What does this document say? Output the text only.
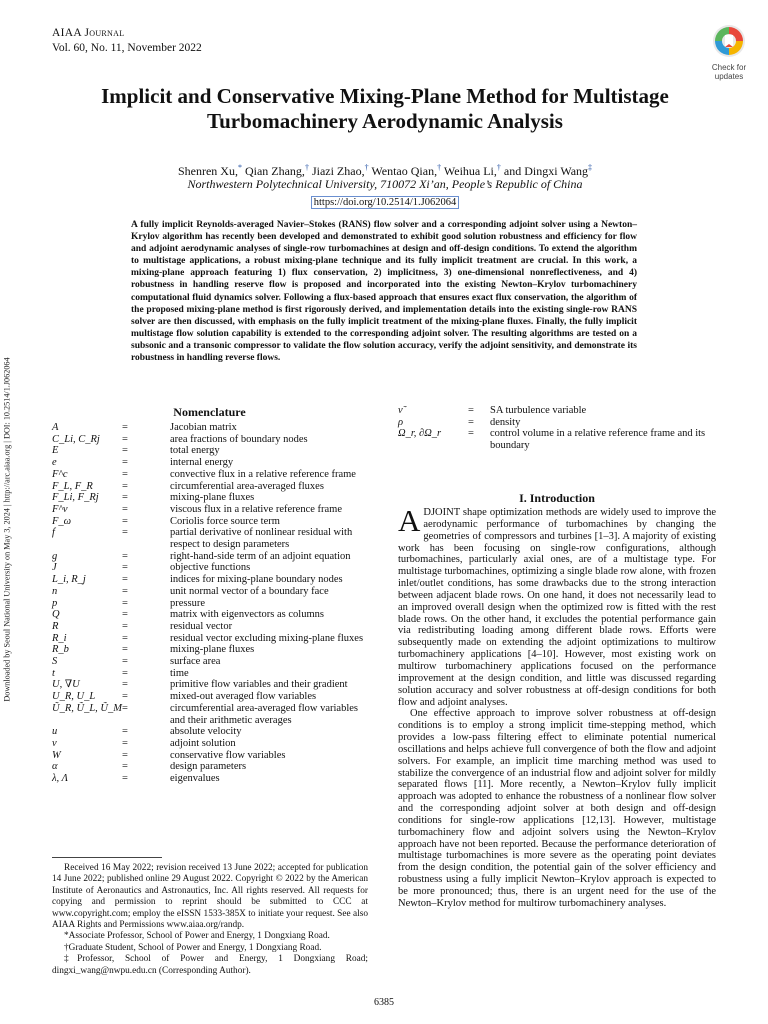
AIAA Journal
Vol. 60, No. 11, November 2022
Check for
updates
Downloaded by Seoul National University on May 3, 2024 | http://arc.aiaa.org | DOI: 10.2514/1.J062064
Implicit and Conservative Mixing-Plane Method for Multistage
Turbomachinery Aerodynamic Analysis
Shenren Xu,* Qian Zhang,† Jiazi Zhao,† Wentao Qian,† Weihua Li,† and Dingxi Wang‡
Northwestern Polytechnical University, 710072 Xi’an, People’s Republic of China
https://doi.org/10.2514/1.J062064
A fully implicit Reynolds-averaged Navier–Stokes (RANS) flow solver and a corresponding adjoint solver using a Newton–Krylov algorithm has recently been developed and demonstrated to exhibit good solution robustness and efficiency for flow and adjoint aerodynamic analyses of single-row turbomachines at design and off-design conditions. To extend the algorithm to multistage applications, a robust mixing-plane technique and its fully implicit treatment are crucial. In this work, a mixing-plane approach featuring 1) flux conservation, 2) implicitness, 3) one-dimensional nonreflectiveness, and 4) robustness in handling reserve flow is proposed and incorporated into the existing Newton–Krylov turbomachinery computational fluid dynamics solver. Following a flux-based approach that ensures exact flux conservation, the algorithm of the proposed mixing-plane method is first rigorously derived, and implementation details into the existing single-row RANS solver are then discussed, with emphasis on the fully implicit treatment of the mixing-plane fluxes. Finally, the fully implicit multistage flow solution capability is extended to the corresponding adjoint solver. The resulting algorithms are tested on a subsonic and a transonic compressor to validate the flow solution accuracy, verify the adjoint sensitivity, and demonstrate its robustness in handling reverse flows.
Nomenclature
A	=	Jacobian matrix
C_Li, C_Rj	=	area fractions of boundary nodes
E	=	total energy
e	=	internal energy
F^c	=	convective flux in a relative reference frame
F_L, F_R	=	circumferential area-averaged fluxes
F_Li, F_Rj	=	mixing-plane fluxes
F^v	=	viscous flux in a relative reference frame
F_ω	=	Coriolis force source term
f	=	partial derivative of nonlinear residual with respect to design parameters
g	=	right-hand-side term of an adjoint equation
J	=	objective functions
L_i, R_j	=	indices for mixing-plane boundary nodes
n	=	unit normal vector of a boundary face
p	=	pressure
Q	=	matrix with eigenvectors as columns
R	=	residual vector
R_i	=	residual vector excluding mixing-plane fluxes
R_b	=	mixing-plane fluxes
S	=	surface area
t	=	time
U, ∇U	=	primitive flow variables and their gradient
U_R, U_L	=	mixed-out averaged flow variables
Ũ_R, Ũ_L, Ũ_M =	circumferential area-averaged flow variables and their arithmetic averages
u	=	absolute velocity
v	=	adjoint solution
W	=	conservative flow variables
α	=	design parameters
λ, Λ	=	eigenvalues
ν̃	=	SA turbulence variable
ρ	=	density
Ω_r, ∂Ω_r	=	control volume in a relative reference frame and its boundary
I. Introduction

ADJOINT shape optimization methods are widely used to improve the aerodynamic performance of turbomachines by changing the geometries of compressors and turbines [1–3]. A majority of existing work has been focusing on single-row configurations, although turbomachines, particularly axial ones, are of a multistage type. For multistage turbomachines, optimizing a single blade row alone, with frozen inlet/outlet conditions, has some drawbacks due to the strong interaction between adjacent blade rows. On one hand, it does not necessarily lead to an improved overall design when the optimized row is fitted with the rest blade rows. On the other hand, it excludes the potential performance gain via redistributing loading among different blade rows. Efforts were subsequently made on extending the adjoint optimizations to multirow turbomachinery applications [4–10]. However, most existing work on multirow turbomachinery applications focused on the performance improvement at the design condition, and little was discussed regarding solution accuracy and solver robustness at off-design conditions for both flow and adjoint analyses.

One effective approach to improve solver robustness at off-design conditions is to employ a strong implicit time-stepping method, which provides a low-pass filtering effect to eliminate potential numerical oscillations and helps achieve full convergence of both the flow and adjoint solvers. For example, an implicit time marching method was used to stabilize the convergence of an industrial flow and adjoint solver for mildly separated flows [11]. More recently, a Newton–Krylov fully implicit approach was adopted to enhance the robustness of a nonlinear flow solver and the corresponding adjoint solver at both design and off-design conditions for single-row applications [12,13]. However, multistage turbomachinery flow and adjoint solvers using the Newton–Krylov approach have not been reported. Because the performance deterioration of multistage turbomachines is more severe as the operating point deviates from the design condition, the potential gain of the solver efficiency and robustness using a fully implicit Newton–Krylov approach is expected to be more pronounced; thus, there is an urgent need for the use of the Newton–Krylov method for multirow turbomachinery analyses.

Received 16 May 2022; revision received 13 June 2022; accepted for publication 14 June 2022; published online 29 August 2022. Copyright © 2022 by the American Institute of Aeronautics and Astronautics, Inc. All rights reserved. All requests for copying and permission to reprint should be submitted to CCC at www.copyright.com; employ the eISSN 1533-385X to initiate your request. See also AIAA Rights and Permissions www.aiaa.org/randp.

*Associate Professor, School of Power and Energy, 1 Dongxiang Road.

†Graduate Student, School of Power and Energy, 1 Dongxiang Road.

‡Professor, School of Power and Energy, 1 Dongxiang Road; dingxi_wang@nwpu.edu.cn (Corresponding Author).

6385
